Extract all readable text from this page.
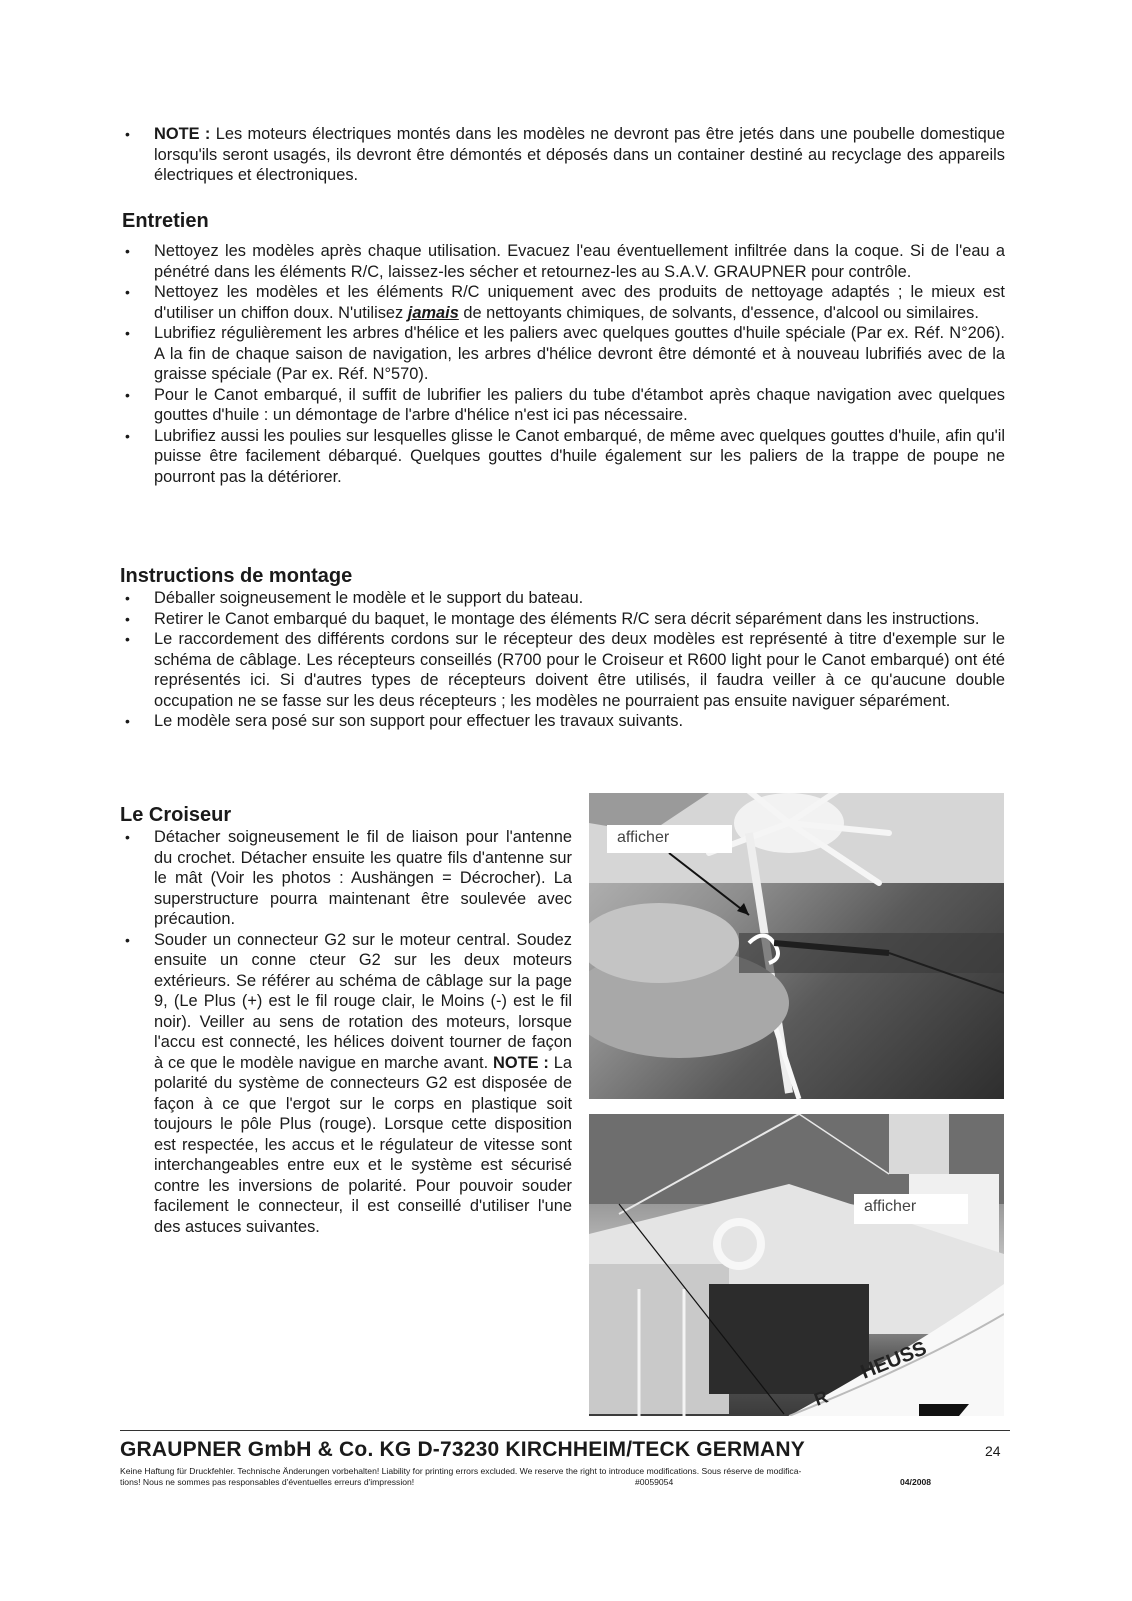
• NOTE : Les moteurs électriques montés dans les modèles ne devront pas être jetés dans une poubelle domestique lorsqu'ils seront usagés, ils devront être démontés et déposés dans un container destiné au recyclage des appareils électriques et électroniques.
Entretien
• Nettoyez les modèles après chaque utilisation. Evacuez l'eau éventuellement infiltrée dans la coque. Si de l'eau a pénétré dans les éléments R/C, laissez-les sécher et retournez-les au S.A.V. GRAUPNER pour contrôle.
• Nettoyez les modèles et les éléments R/C uniquement avec des produits de nettoyage adaptés ; le mieux est d'utiliser un chiffon doux. N'utilisez jamais de nettoyants chimiques, de solvants, d'essence, d'alcool ou similaires.
• Lubrifiez régulièrement les arbres d'hélice et les paliers avec quelques gouttes d'huile spéciale (Par ex. Réf. N°206). A la fin de chaque saison de navigation, les arbres d'hélice devront être démonté et à nouveau lubrifiés avec de la graisse spéciale (Par ex. Réf. N°570).
• Pour le Canot embarqué, il suffit de lubrifier les paliers du tube d'étambot après chaque navigation avec quelques gouttes d'huile : un démontage de l'arbre d'hélice n'est ici pas nécessaire.
• Lubrifiez aussi les poulies sur lesquelles glisse le Canot embarqué, de même avec quelques gouttes d'huile, afin qu'il puisse être facilement débarqué. Quelques gouttes d'huile également sur les paliers de la trappe de poupe ne pourront pas la détériorer.
Instructions de montage
• Déballer soigneusement le modèle et le support du bateau.
• Retirer le Canot embarqué du baquet, le montage des éléments R/C sera décrit séparément dans les instructions.
• Le raccordement des différents cordons sur le récepteur des deux modèles est représenté à titre d'exemple sur le schéma de câblage. Les récepteurs conseillés (R700 pour le Croiseur et R600 light pour le Canot embarqué) ont été représentés ici. Si d'autres types de récepteurs doivent être utilisés, il faudra veiller à ce qu'aucune double occupation ne se fasse sur les deus récepteurs ; les modèles ne pourraient pas ensuite naviguer séparément.
• Le modèle sera posé sur son support pour effectuer les travaux suivants.
Le Croiseur
• Détacher soigneusement le fil de liaison pour l'antenne du crochet. Détacher ensuite les quatre fils d'antenne sur le mât (Voir les photos : Aushängen = Décrocher). La superstructure pourra maintenant être soulevée avec précaution.
• Souder un connecteur G2 sur le moteur central. Soudez ensuite un conne cteur G2 sur les deux moteurs extérieurs. Se référer au schéma de câblage sur la page 9, (Le Plus (+) est le fil rouge clair, le Moins (-) est le fil noir). Veiller au sens de rotation des moteurs, lorsque l'accu est connecté, les hélices doivent tourner de façon à ce que le modèle navigue en marche avant. NOTE : La polarité du système de connecteurs G2 est disposée de façon à ce que l'ergot sur le corps en plastique soit toujours le pôle Plus (rouge). Lorsque cette disposition est respectée, les accus et le régulateur de vitesse sont interchangeables entre eux et le système est sécurisé contre les inversions de polarité. Pour pouvoir souder facilement le connecteur, il est conseillé d'utiliser l'une des astuces suivantes.
afficher
HEUSS
R
afficher
GRAUPNER GmbH & Co. KG D-73230 KIRCHHEIM/TECK GERMANY	24
Keine Haftung für Druckfehler. Technische Änderungen vorbehalten! Liability for printing errors excluded. We reserve the right to introduce modifications. Sous réserve de modifica-
tions! Nous ne sommes pas responsables d'éventuelles erreurs d'impression!	#0059054	04/2008
